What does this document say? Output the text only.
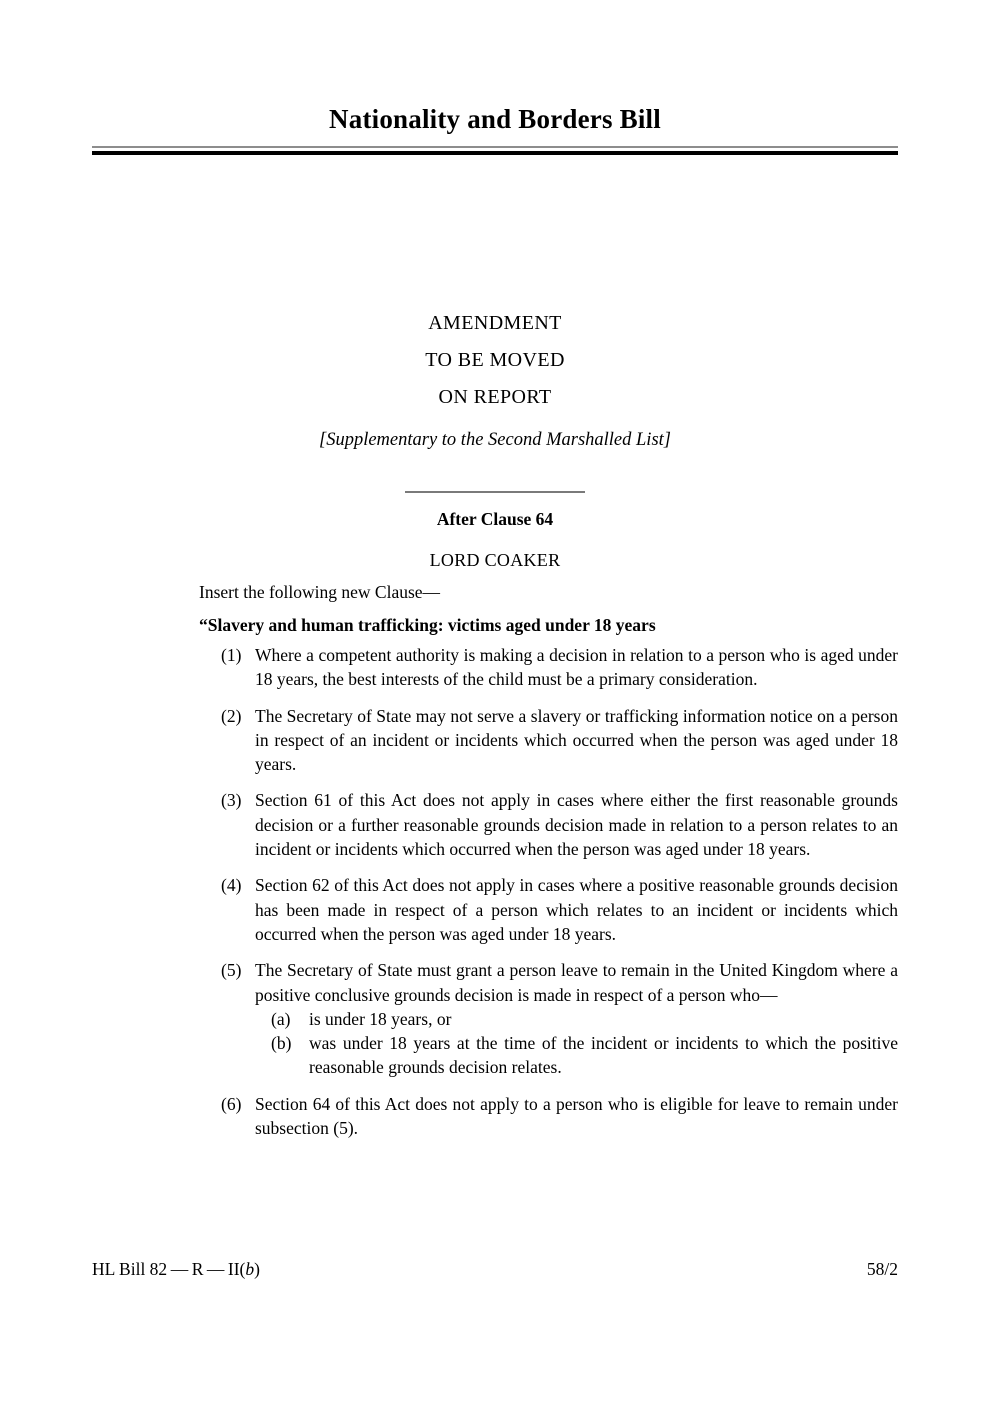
Nationality and Borders Bill
AMENDMENT
TO BE MOVED
ON REPORT
[Supplementary to the Second Marshalled List]
After Clause 64
LORD COAKER
Insert the following new Clause—
“Slavery and human trafficking: victims aged under 18 years
(1) Where a competent authority is making a decision in relation to a person who is aged under 18 years, the best interests of the child must be a primary consideration.
(2) The Secretary of State may not serve a slavery or trafficking information notice on a person in respect of an incident or incidents which occurred when the person was aged under 18 years.
(3) Section 61 of this Act does not apply in cases where either the first reasonable grounds decision or a further reasonable grounds decision made in relation to a person relates to an incident or incidents which occurred when the person was aged under 18 years.
(4) Section 62 of this Act does not apply in cases where a positive reasonable grounds decision has been made in respect of a person which relates to an incident or incidents which occurred when the person was aged under 18 years.
(5) The Secretary of State must grant a person leave to remain in the United Kingdom where a positive conclusive grounds decision is made in respect of a person who—
(a)	is under 18 years, or
(b)	was under 18 years at the time of the incident or incidents to which the positive reasonable grounds decision relates.
(6) Section 64 of this Act does not apply to a person who is eligible for leave to remain under subsection (5).
HL Bill 82 — R — II(b)	58/2
